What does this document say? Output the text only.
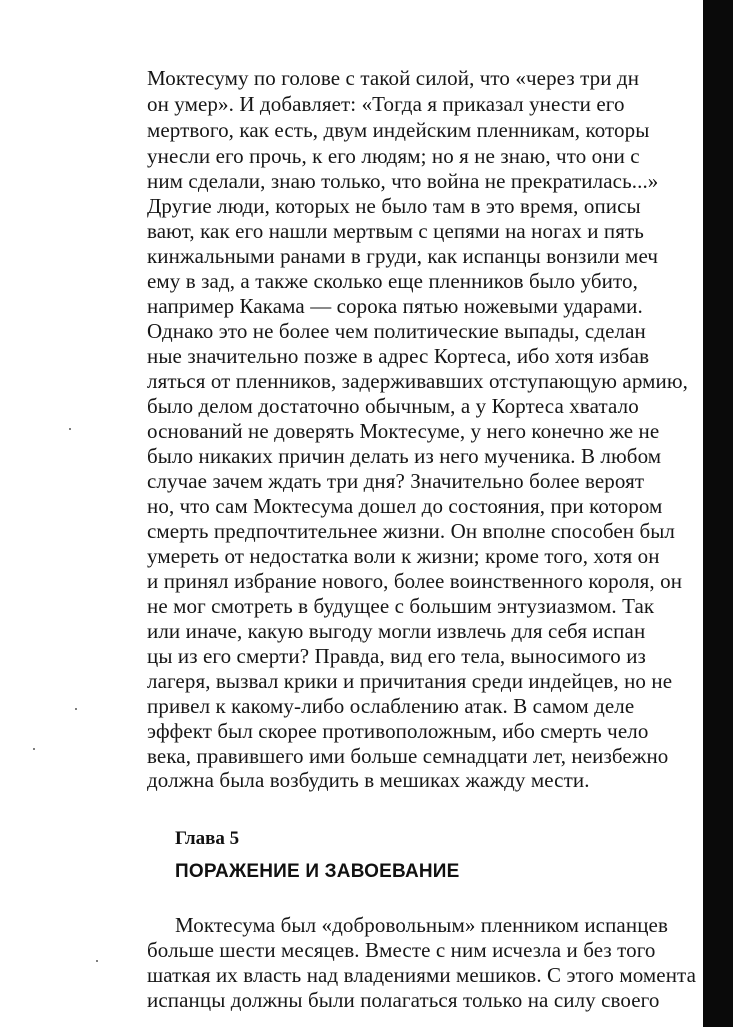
Моктесуму по голове с такой силой, что «через три дн
он умер». И добавляет: «Тогда я приказал унести его
мертвого, как есть, двум индейским пленникам, которы
унесли его прочь, к его людям; но я не знаю, что они с
ним сделали, знаю только, что война не прекратилась...»
Другие люди, которых не было там в это время, описы
вают, как его нашли мертвым с цепями на ногах и пять
кинжальными ранами в груди, как испанцы вонзили меч
ему в зад, а также сколько еще пленников было убито,
например Какама — сорока пятью ножевыми ударами.
Однако это не более чем политические выпады, сделан
ные значительно позже в адрес Кортеса, ибо хотя избав
ляться от пленников, задерживавших отступающую армию,
было делом достаточно обычным, а у Кортеса хватало
оснований не доверять Моктесуме, у него конечно же не
было никаких причин делать из него мученика. В любом
случае зачем ждать три дня? Значительно более вероят
но, что сам Моктесума дошел до состояния, при котором
смерть предпочтительнее жизни. Он вполне способен был
умереть от недостатка воли к жизни; кроме того, хотя он
и принял избрание нового, более воинственного короля, он
не мог смотреть в будущее с большим энтузиазмом. Так
или иначе, какую выгоду могли извлечь для себя испан
цы из его смерти? Правда, вид его тела, выносимого из
лагеря, вызвал крики и причитания среди индейцев, но не
привел к какому-либо ослаблению атак. В самом деле
эффект был скорее противоположным, ибо смерть чело
века, правившего ими больше семнадцати лет, неизбежно
должна была возбудить в мешиках жажду мести.
Глава 5
ПОРАЖЕНИЕ И ЗАВОЕВАНИЕ
Моктесума был «добровольным» пленником испанцев
больше шести месяцев. Вместе с ним исчезла и без того
шаткая их власть над владениями мешиков. С этого момента
испанцы должны были полагаться только на силу своего
